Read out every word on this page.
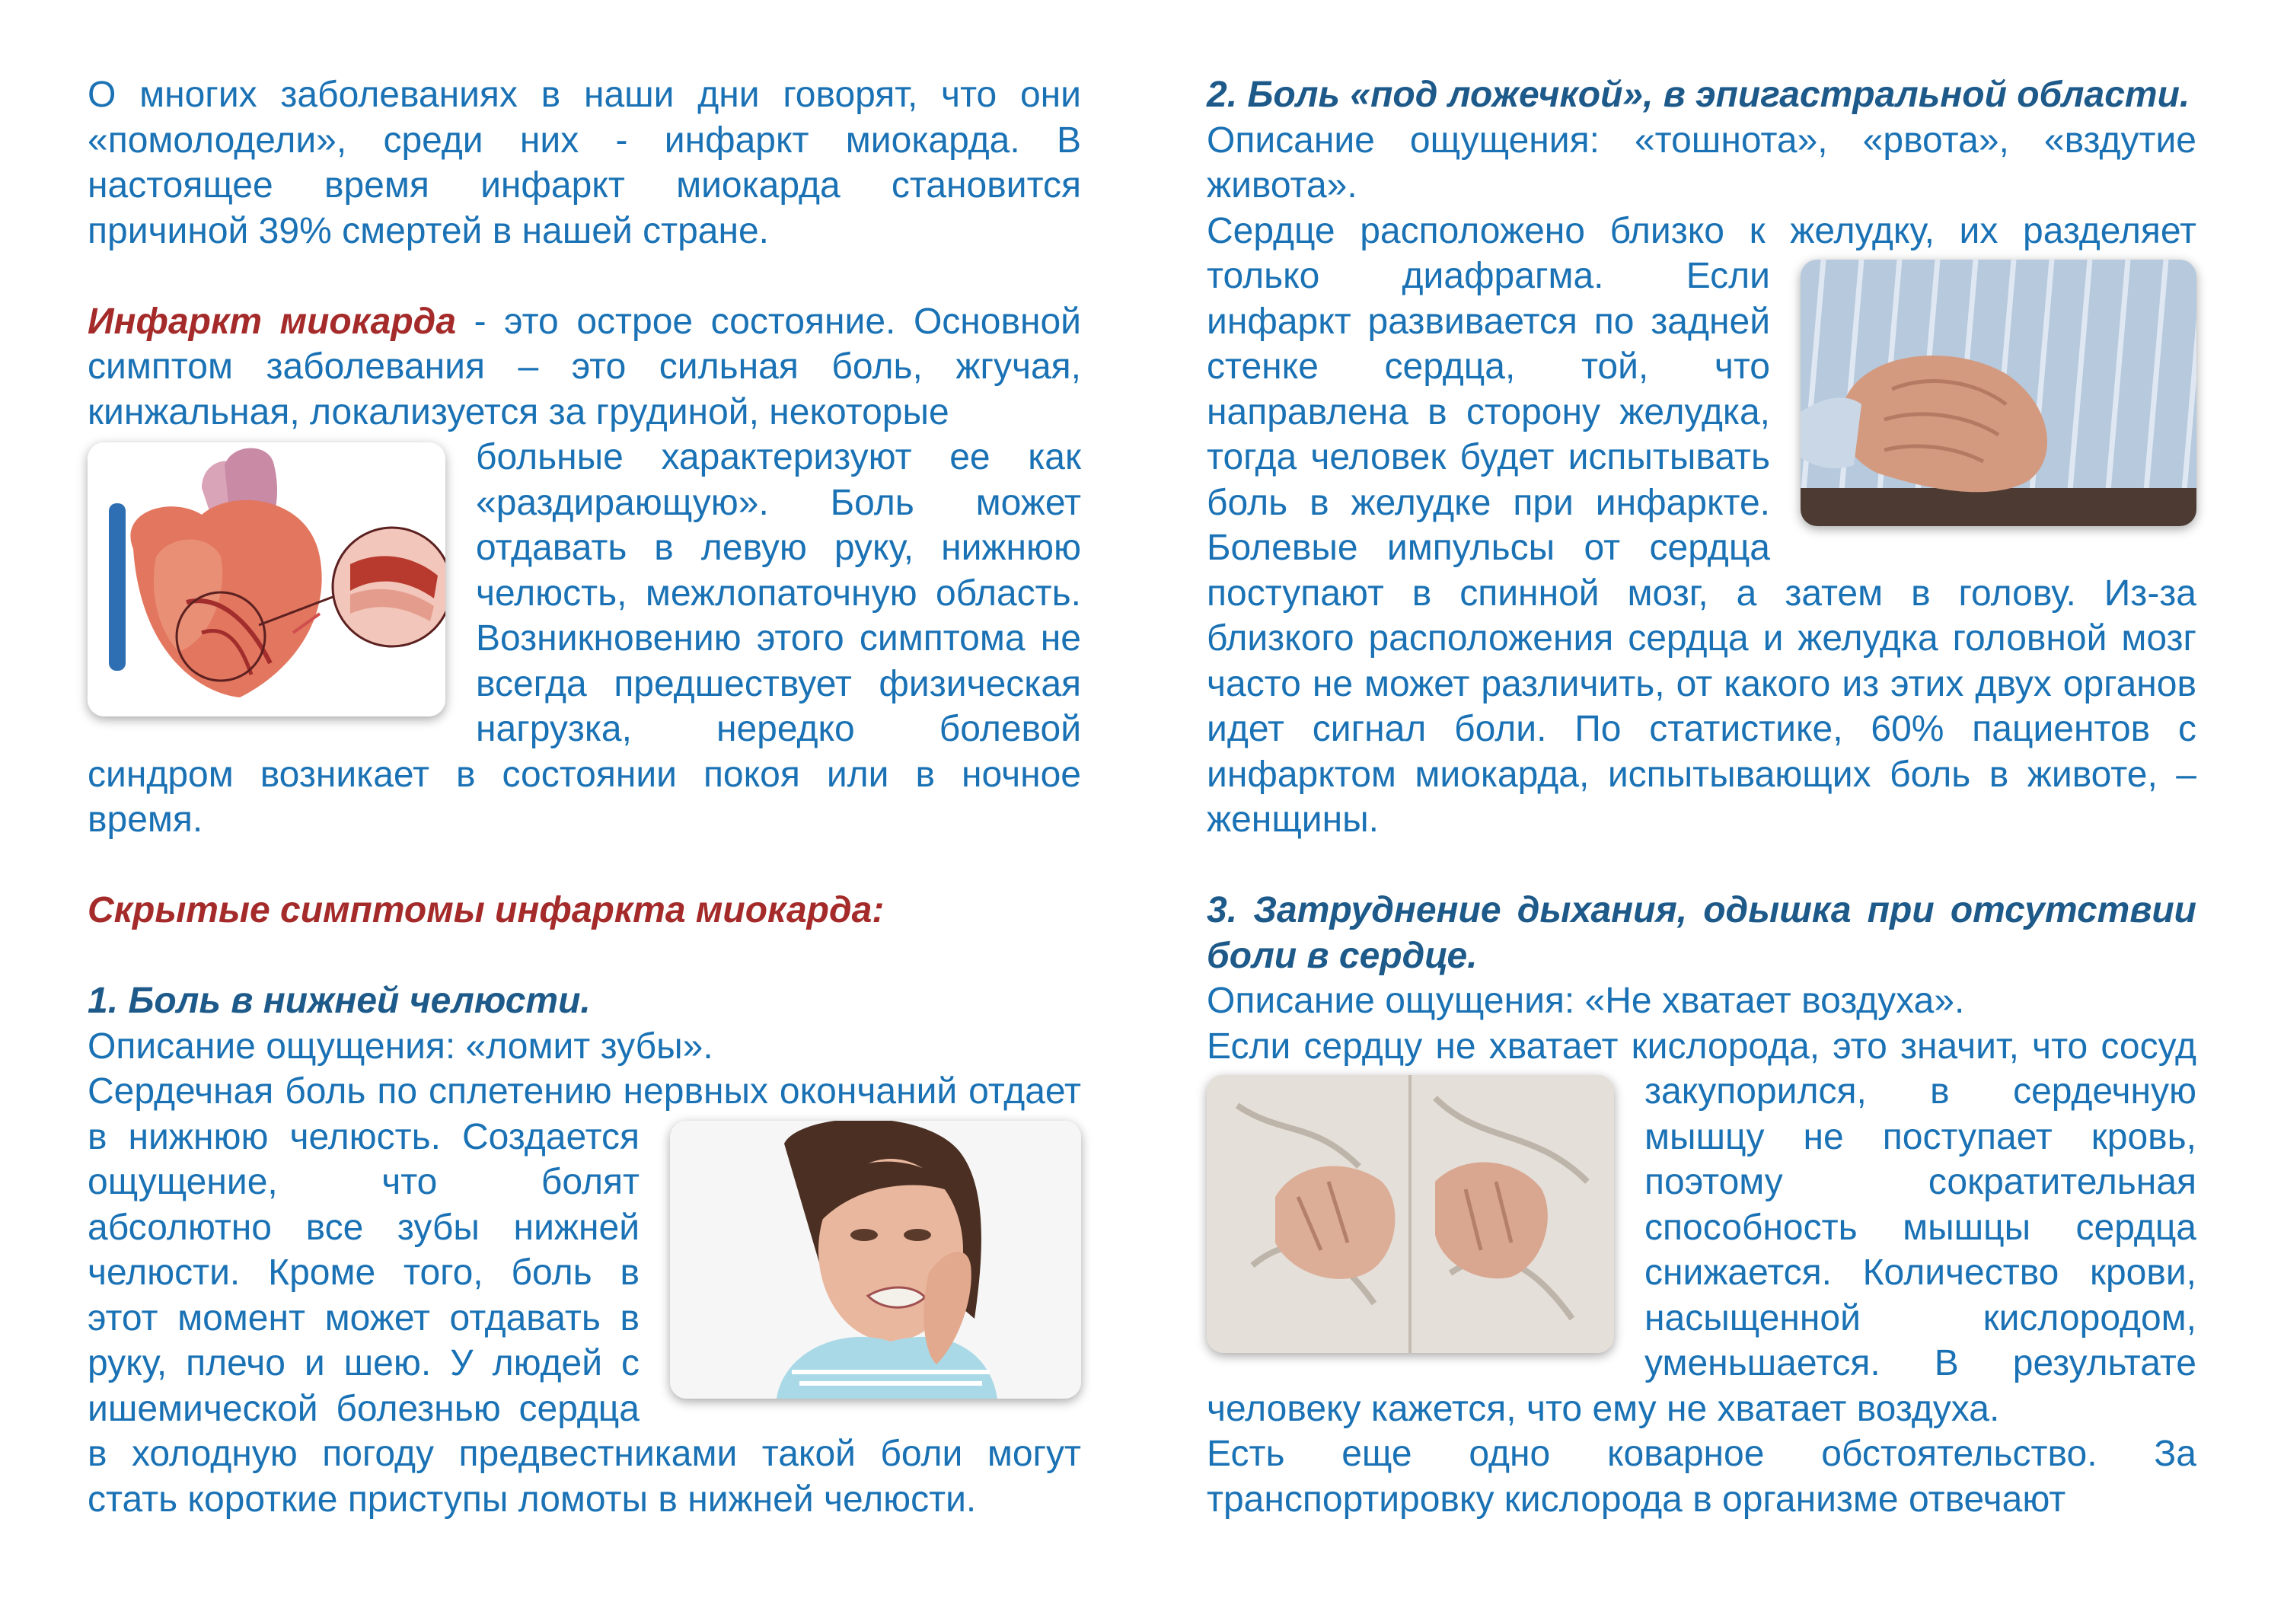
О многих заболеваниях в наши дни говорят, что они «помолодели», среди них - инфаркт миокарда. В настоящее время инфаркт миокарда становится причиной 39% смертей в нашей стране.

Инфаркт миокарда - это острое состояние. Основной симптом заболевания – это сильная боль, жгучая, кинжальная, локализуется за грудиной, некоторые

больные характеризуют ее как «раздирающую». Боль может отдавать в левую руку, нижнюю челюсть, межлопаточную область. Возникновению этого симптома не всегда предшествует физическая нагрузка, нередко болевой синдром возникает в состоянии покоя или в ночное время.
Скрытые симптомы инфаркта миокарда:
1. Боль в нижней челюсти.

Описание ощущения: «ломит зубы».

Сердечная боль по сплетению нервных окончаний
отдает в нижнюю челюсть. Создается ощущение, что болят абсолютно все зубы нижней челюсти. Кроме того, боль в этот момент может отдавать в руку, плечо и шею. У людей с ишемической болезнью сердца в холодную погоду предвестниками такой боли могут стать короткие приступы ломоты в нижней челюсти.
2. Боль «под ложечкой», в эпигастральной области.

Описание ощущения: «тошнота», «рвота», «вздутие живота».

Сердце расположено близко к желудку, их разделяет
только диафрагма. Если инфаркт развивается по задней стенке сердца, той, что направлена в сторону желудка, тогда человек будет испытывать боль в желудке при инфаркте. Болевые импульсы от сердца поступают в спинной мозг, а затем в голову. Из-за близкого расположения сердца и желудка головной мозг часто не может различить, от какого из этих двух органов идет сигнал боли. По статистике, 60% пациентов с инфарктом миокарда, испытывающих боль в животе, – женщины.
3. Затруднение дыхания, одышка при отсутствии боли в сердце.

Описание ощущения: «Не хватает воздуха».

Если сердцу не хватает кислорода, это значит, что сосуд
закупорился, в сердечную мышцу не поступает кровь, поэтому сократительная способность мышцы сердца снижается. Количество крови, насыщенной кислородом, уменьшается. В результате человеку кажется, что ему не хватает воздуха.

Есть еще одно коварное обстоятельство. За транспортировку кислорода в организме отвечают
